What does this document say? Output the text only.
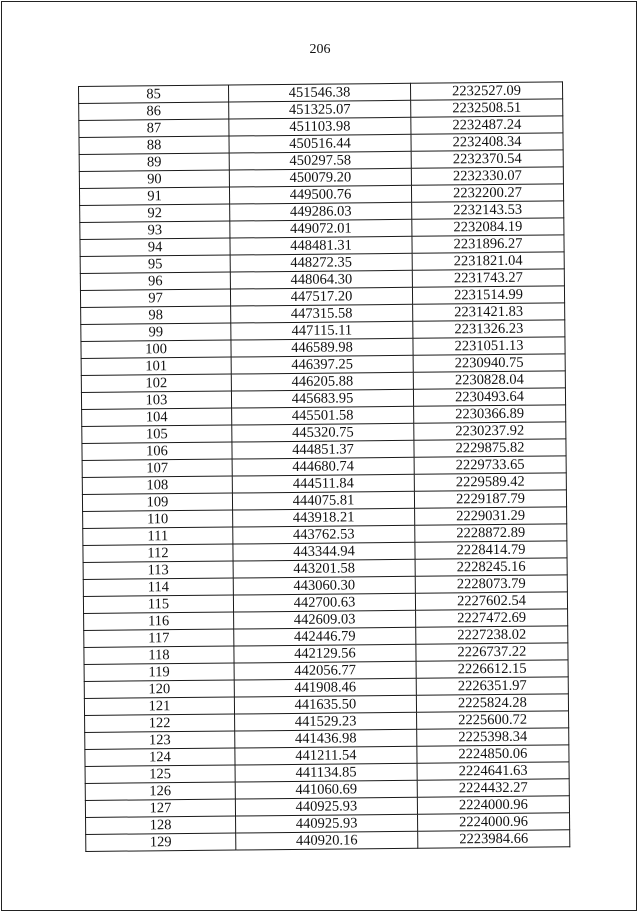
206
85	451546.38	2232527.09
86	451325.07	2232508.51
87	451103.98	2232487.24
88	450516.44	2232408.34
89	450297.58	2232370.54
90	450079.20	2232330.07
91	449500.76	2232200.27
92	449286.03	2232143.53
93	449072.01	2232084.19
94	448481.31	2231896.27
95	448272.35	2231821.04
96	448064.30	2231743.27
97	447517.20	2231514.99
98	447315.58	2231421.83
99	447115.11	2231326.23
100	446589.98	2231051.13
101	446397.25	2230940.75
102	446205.88	2230828.04
103	445683.95	2230493.64
104	445501.58	2230366.89
105	445320.75	2230237.92
106	444851.37	2229875.82
107	444680.74	2229733.65
108	444511.84	2229589.42
109	444075.81	2229187.79
110	443918.21	2229031.29
111	443762.53	2228872.89
112	443344.94	2228414.79
113	443201.58	2228245.16
114	443060.30	2228073.79
115	442700.63	2227602.54
116	442609.03	2227472.69
117	442446.79	2227238.02
118	442129.56	2226737.22
119	442056.77	2226612.15
120	441908.46	2226351.97
121	441635.50	2225824.28
122	441529.23	2225600.72
123	441436.98	2225398.34
124	441211.54	2224850.06
125	441134.85	2224641.63
126	441060.69	2224432.27
127	440925.93	2224000.96
128	440925.93	2224000.96
129	440920.16	2223984.66
